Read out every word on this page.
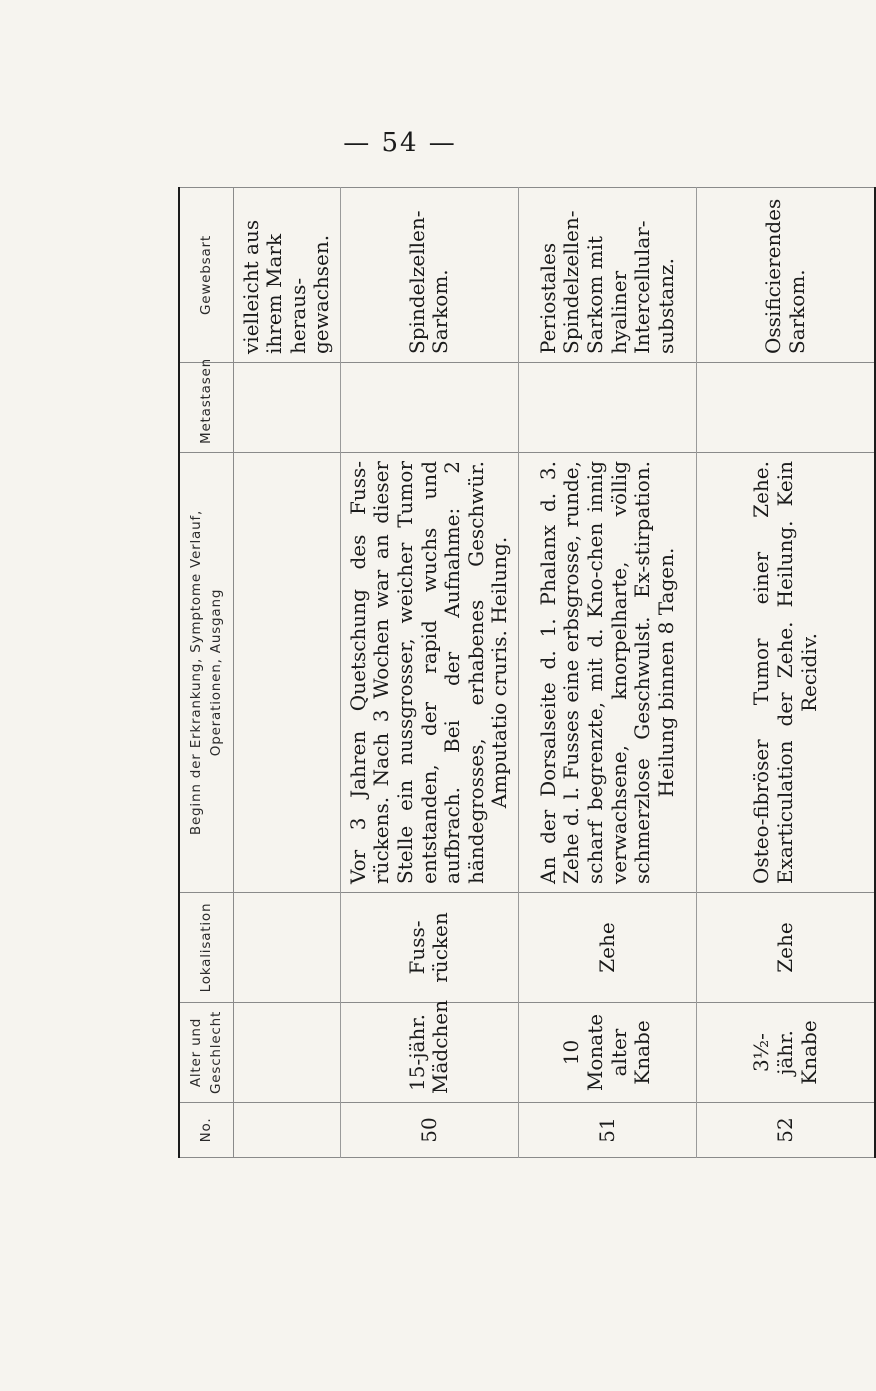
— 54 —
No.	Alter und Geschlecht	Lokalisation	Beginn der Erkrankung, Symptome Verlauf, Operationen, Ausgang	Metastasen	Gewebsart	
					vielleicht aus ihrem Mark heraus-gewachsen.	
50	15-jähr. Mädchen	Fuss-rücken	Vor 3 Jahren Quetschung des Fuss-rückens. Nach 3 Wochen war an dieser Stelle ein nussgrosser, weicher Tumor entstanden, der rapid wuchs und aufbrach. Bei der Aufnahme: 2 händegrosses, erhabenes Geschwür. Amputatio cruris. Heilung.		Spindelzellen-Sarkom.	
51	10 Monate alter Knabe	Zehe	An der Dorsalseite d. 1. Phalanx d. 3. Zehe d. l. Fusses eine erbsgrosse, runde, scharf begrenzte, mit d. Kno-chen innig verwachsene, knorpelharte, völlig schmerzlose Geschwulst. Ex-stirpation. Heilung binnen 8 Tagen.		Periostales Spindelzellen-Sarkom mit hyaliner Intercellular-substanz.	
52	3½-jähr. Knabe	Zehe	Osteo-fibröser Tumor einer Zehe. Exarticulation der Zehe. Heilung. Kein Recidiv.		Ossificierendes Sarkom.	
